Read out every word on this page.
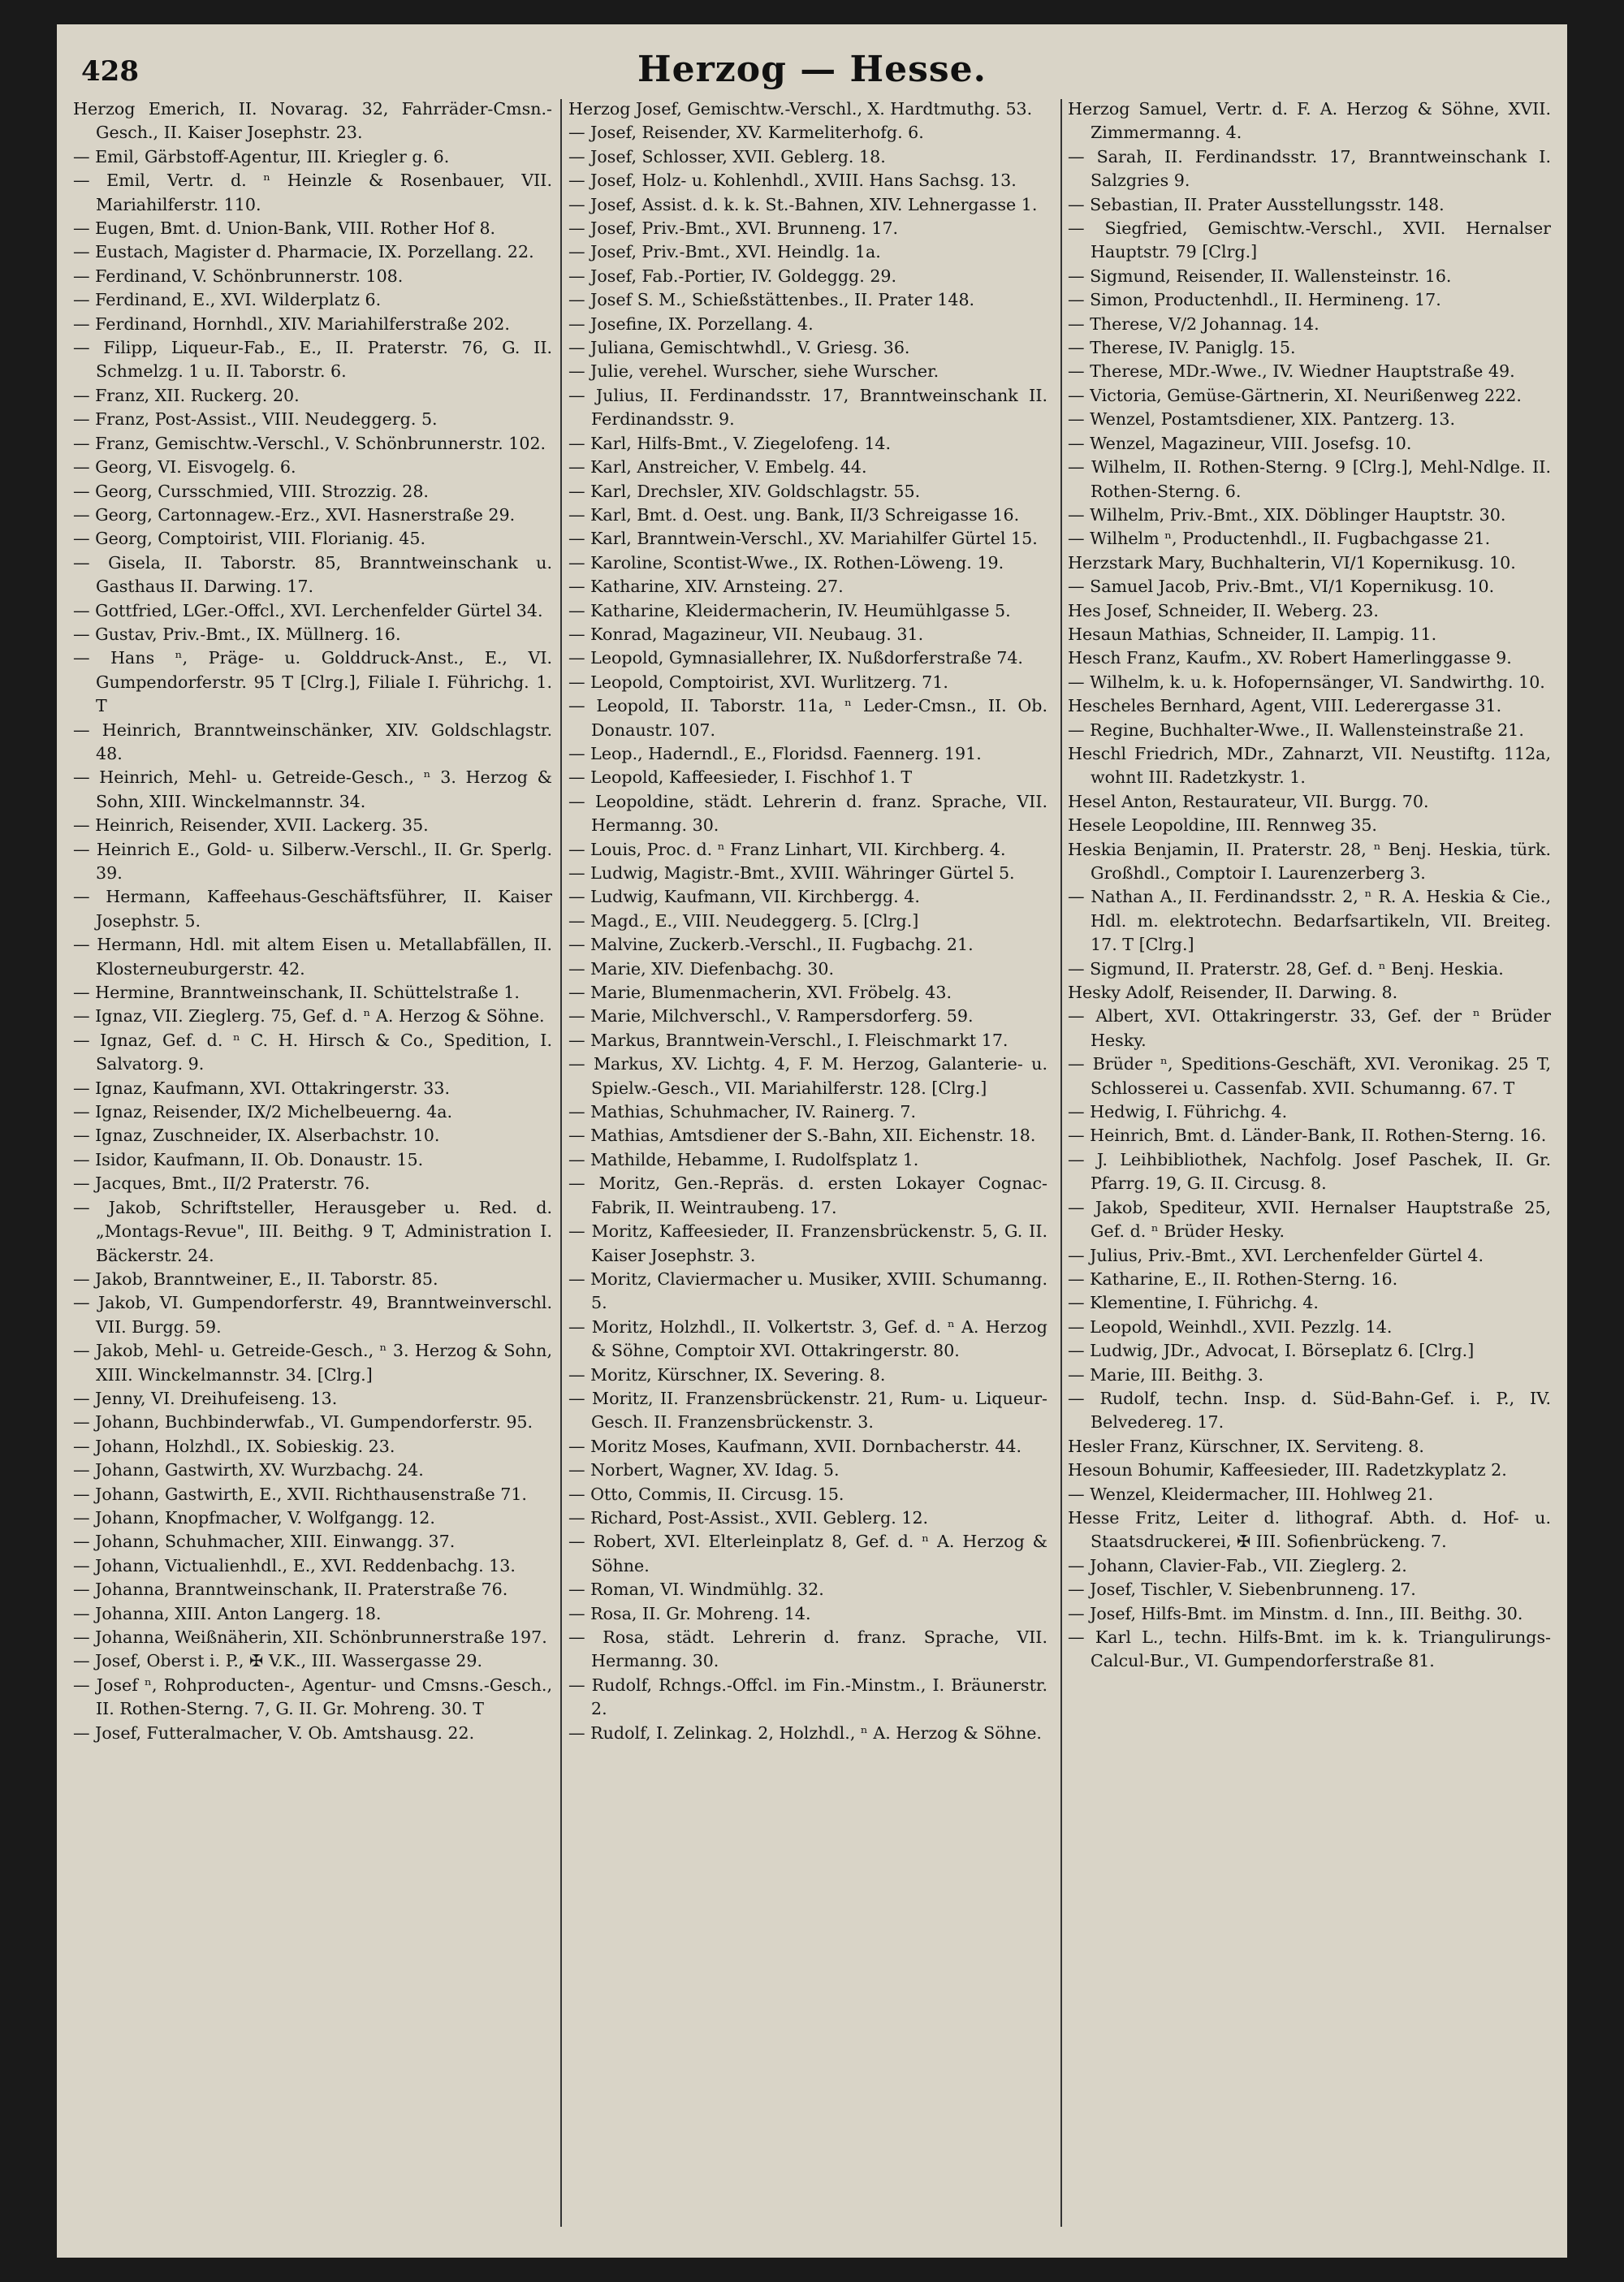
428	Herzog — Hesse.

Herzog Emerich, II. Novarag. 32, Fahrräder-Cmsn.-Gesch., II. Kaiser Josephstr. 23.

— Emil, Gärbstoff-Agentur, III. Kriegler g. 6.

— Emil, Vertr. d. ⁿ Heinzle & Rosenbauer, VII. Mariahilferstr. 110.

— Eugen, Bmt. d. Union-Bank, VIII. Rother Hof 8.

— Eustach, Magister d. Pharmacie, IX. Porzellang. 22.

— Ferdinand, V. Schönbrunnerstr. 108.

— Ferdinand, E., XVI. Wilderplatz 6.

— Ferdinand, Hornhdl., XIV. Mariahilferstraße 202.

— Filipp, Liqueur-Fab., E., II. Praterstr. 76, G. II. Schmelzg. 1 u. II. Taborstr. 6.

— Franz, XII. Ruckerg. 20.

— Franz, Post-Assist., VIII. Neudeggerg. 5.

— Franz, Gemischtw.-Verschl., V. Schönbrunnerstr. 102.

— Georg, VI. Eisvogelg. 6.

— Georg, Cursschmied, VIII. Strozzig. 28.

— Georg, Cartonnagew.-Erz., XVI. Hasnerstraße 29.

— Georg, Comptoirist, VIII. Florianig. 45.

— Gisela, II. Taborstr. 85, Branntweinschank u. Gasthaus II. Darwing. 17.

— Gottfried, LGer.-Offcl., XVI. Lerchenfelder Gürtel 34.

— Gustav, Priv.-Bmt., IX. Müllnerg. 16.

— Hans ⁿ, Präge- u. Golddruck-Anst., E., VI. Gumpendorferstr. 95 T [Clrg.], Filiale I. Führichg. 1. T

— Heinrich, Branntweinschänker, XIV. Goldschlagstr. 48.

— Heinrich, Mehl- u. Getreide-Gesch., ⁿ 3. Herzog & Sohn, XIII. Winckelmannstr. 34.

— Heinrich, Reisender, XVII. Lackerg. 35.

— Heinrich E., Gold- u. Silberw.-Verschl., II. Gr. Sperlg. 39.

— Hermann, Kaffeehaus-Geschäftsführer, II. Kaiser Josephstr. 5.

— Hermann, Hdl. mit altem Eisen u. Metallabfällen, II. Klosterneuburgerstr. 42.

— Hermine, Branntweinschank, II. Schüttelstraße 1.

— Ignaz, VII. Zieglerg. 75, Gef. d. ⁿ A. Herzog & Söhne.

— Ignaz, Gef. d. ⁿ C. H. Hirsch & Co., Spedition, I. Salvatorg. 9.

— Ignaz, Kaufmann, XVI. Ottakringerstr. 33.

— Ignaz, Reisender, IX/2 Michelbeuerng. 4a.

— Ignaz, Zuschneider, IX. Alserbachstr. 10.

— Isidor, Kaufmann, II. Ob. Donaustr. 15.

— Jacques, Bmt., II/2 Praterstr. 76.

— Jakob, Schriftsteller, Herausgeber u. Red. d. „Montags-Revue", III. Beithg. 9 T, Administration I. Bäckerstr. 24.

— Jakob, Branntweiner, E., II. Taborstr. 85.

— Jakob, VI. Gumpendorferstr. 49, Branntweinverschl. VII. Burgg. 59.

— Jakob, Mehl- u. Getreide-Gesch., ⁿ 3. Herzog & Sohn, XIII. Winckelmannstr. 34. [Clrg.]

— Jenny, VI. Dreihufeiseng. 13.

— Johann, Buchbinderwfab., VI. Gumpendorferstr. 95.

— Johann, Holzhdl., IX. Sobieskig. 23.

— Johann, Gastwirth, XV. Wurzbachg. 24.

— Johann, Gastwirth, E., XVII. Richthausenstraße 71.

— Johann, Knopfmacher, V. Wolfgangg. 12.

— Johann, Schuhmacher, XIII. Einwangg. 37.

— Johann, Victualienhdl., E., XVI. Reddenbachg. 13.

— Johanna, Branntweinschank, II. Praterstraße 76.

— Johanna, XIII. Anton Langerg. 18.

— Johanna, Weißnäherin, XII. Schönbrunnerstraße 197.

— Josef, Oberst i. P., ✠ V.K., III. Wassergasse 29.

— Josef ⁿ, Rohproducten-, Agentur- und Cmsns.-Gesch., II. Rothen-Sterng. 7, G. II. Gr. Mohreng. 30. T

— Josef, Futteralmacher, V. Ob. Amtshausg. 22.

Herzog Josef, Gemischtw.-Verschl., X. Hardtmuthg. 53.

— Josef, Reisender, XV. Karmeliterhofg. 6.

— Josef, Schlosser, XVII. Geblerg. 18.

— Josef, Holz- u. Kohlenhdl., XVIII. Hans Sachsg. 13.

— Josef, Assist. d. k. k. St.-Bahnen, XIV. Lehnergasse 1.

— Josef, Priv.-Bmt., XVI. Brunneng. 17.

— Josef, Priv.-Bmt., XVI. Heindlg. 1a.

— Josef, Fab.-Portier, IV. Goldeggg. 29.

— Josef S. M., Schießstättenbes., II. Prater 148.

— Josefine, IX. Porzellang. 4.

— Juliana, Gemischtwhdl., V. Griesg. 36.

— Julie, verehel. Wurscher, siehe Wurscher.

— Julius, II. Ferdinandsstr. 17, Branntweinschank II. Ferdinandsstr. 9.

— Karl, Hilfs-Bmt., V. Ziegelofeng. 14.

— Karl, Anstreicher, V. Embelg. 44.

— Karl, Drechsler, XIV. Goldschlagstr. 55.

— Karl, Bmt. d. Oest. ung. Bank, II/3 Schreigasse 16.

— Karl, Branntwein-Verschl., XV. Mariahilfer Gürtel 15.

— Karoline, Scontist-Wwe., IX. Rothen-Löweng. 19.

— Katharine, XIV. Arnsteing. 27.

— Katharine, Kleidermacherin, IV. Heumühlgasse 5.

— Konrad, Magazineur, VII. Neubaug. 31.

— Leopold, Gymnasiallehrer, IX. Nußdorferstraße 74.

— Leopold, Comptoirist, XVI. Wurlitzerg. 71.

— Leopold, II. Taborstr. 11a, ⁿ Leder-Cmsn., II. Ob. Donaustr. 107.

— Leop., Haderndl., E., Floridsd. Faennerg. 191.

— Leopold, Kaffeesieder, I. Fischhof 1. T

— Leopoldine, städt. Lehrerin d. franz. Sprache, VII. Hermanng. 30.

— Louis, Proc. d. ⁿ Franz Linhart, VII. Kirchberg. 4.

— Ludwig, Magistr.-Bmt., XVIII. Währinger Gürtel 5.

— Ludwig, Kaufmann, VII. Kirchbergg. 4.

— Magd., E., VIII. Neudeggerg. 5. [Clrg.]

— Malvine, Zuckerb.-Verschl., II. Fugbachg. 21.

— Marie, XIV. Diefenbachg. 30.

— Marie, Blumenmacherin, XVI. Fröbelg. 43.

— Marie, Milchverschl., V. Rampersdorferg. 59.

— Markus, Branntwein-Verschl., I. Fleischmarkt 17.

— Markus, XV. Lichtg. 4, F. M. Herzog, Galanterie- u. Spielw.-Gesch., VII. Mariahilferstr. 128. [Clrg.]

— Mathias, Schuhmacher, IV. Rainerg. 7.

— Mathias, Amtsdiener der S.-Bahn, XII. Eichenstr. 18.

— Mathilde, Hebamme, I. Rudolfsplatz 1.

— Moritz, Gen.-Repräs. d. ersten Lokayer Cognac-Fabrik, II. Weintraubeng. 17.

— Moritz, Kaffeesieder, II. Franzensbrückenstr. 5, G. II. Kaiser Josephstr. 3.

— Moritz, Claviermacher u. Musiker, XVIII. Schumanng. 5.

— Moritz, Holzhdl., II. Volkertstr. 3, Gef. d. ⁿ A. Herzog & Söhne, Comptoir XVI. Ottakringerstr. 80.

— Moritz, Kürschner, IX. Severing. 8.

— Moritz, II. Franzensbrückenstr. 21, Rum- u. Liqueur-Gesch. II. Franzensbrückenstr. 3.

— Moritz Moses, Kaufmann, XVII. Dornbacherstr. 44.

— Norbert, Wagner, XV. Idag. 5.

— Otto, Commis, II. Circusg. 15.

— Richard, Post-Assist., XVII. Geblerg. 12.

— Robert, XVI. Elterleinplatz 8, Gef. d. ⁿ A. Herzog & Söhne.

— Roman, VI. Windmühlg. 32.

— Rosa, II. Gr. Mohreng. 14.

— Rosa, städt. Lehrerin d. franz. Sprache, VII. Hermanng. 30.

— Rudolf, Rchngs.-Offcl. im Fin.-Minstm., I. Bräunerstr. 2.

— Rudolf, I. Zelinkag. 2, Holzhdl., ⁿ A. Herzog & Söhne.

Herzog Samuel, Vertr. d. F. A. Herzog & Söhne, XVII. Zimmermanng. 4.

— Sarah, II. Ferdinandsstr. 17, Branntweinschank I. Salzgries 9.

— Sebastian, II. Prater Ausstellungsstr. 148.

— Siegfried, Gemischtw.-Verschl., XVII. Hernalser Hauptstr. 79 [Clrg.]

— Sigmund, Reisender, II. Wallensteinstr. 16.

— Simon, Productenhdl., II. Hermineng. 17.

— Therese, V/2 Johannag. 14.

— Therese, IV. Paniglg. 15.

— Therese, MDr.-Wwe., IV. Wiedner Hauptstraße 49.

— Victoria, Gemüse-Gärtnerin, XI. Neurißenweg 222.

— Wenzel, Postamtsdiener, XIX. Pantzerg. 13.

— Wenzel, Magazineur, VIII. Josefsg. 10.

— Wilhelm, II. Rothen-Sterng. 9 [Clrg.], Mehl-Ndlge. II. Rothen-Sterng. 6.

— Wilhelm, Priv.-Bmt., XIX. Döblinger Hauptstr. 30.

— Wilhelm ⁿ, Productenhdl., II. Fugbachgasse 21.

Herzstark Mary, Buchhalterin, VI/1 Kopernikusg. 10.

— Samuel Jacob, Priv.-Bmt., VI/1 Kopernikusg. 10.

Hes Josef, Schneider, II. Weberg. 23.

Hesaun Mathias, Schneider, II. Lampig. 11.

Hesch Franz, Kaufm., XV. Robert Hamerlinggasse 9.

— Wilhelm, k. u. k. Hofopernsänger, VI. Sandwirthg. 10.

Hescheles Bernhard, Agent, VIII. Lederergasse 31.

— Regine, Buchhalter-Wwe., II. Wallensteinstraße 21.

Heschl Friedrich, MDr., Zahnarzt, VII. Neustiftg. 112a, wohnt III. Radetzkystr. 1.

Hesel Anton, Restaurateur, VII. Burgg. 70.

Hesele Leopoldine, III. Rennweg 35.

Heskia Benjamin, II. Praterstr. 28, ⁿ Benj. Heskia, türk. Großhdl., Comptoir I. Laurenzerberg 3.

— Nathan A., II. Ferdinandsstr. 2, ⁿ R. A. Heskia & Cie., Hdl. m. elektrotechn. Bedarfsartikeln, VII. Breiteg. 17. T [Clrg.]

— Sigmund, II. Praterstr. 28, Gef. d. ⁿ Benj. Heskia.

Hesky Adolf, Reisender, II. Darwing. 8.

— Albert, XVI. Ottakringerstr. 33, Gef. der ⁿ Brüder Hesky.

— Brüder ⁿ, Speditions-Geschäft, XVI. Veronikag. 25 T, Schlosserei u. Cassenfab. XVII. Schumanng. 67. T

— Hedwig, I. Führichg. 4.

— Heinrich, Bmt. d. Länder-Bank, II. Rothen-Sterng. 16.

— J. Leihbibliothek, Nachfolg. Josef Paschek, II. Gr. Pfarrg. 19, G. II. Circusg. 8.

— Jakob, Spediteur, XVII. Hernalser Hauptstraße 25, Gef. d. ⁿ Brüder Hesky.

— Julius, Priv.-Bmt., XVI. Lerchenfelder Gürtel 4.

— Katharine, E., II. Rothen-Sterng. 16.

— Klementine, I. Führichg. 4.

— Leopold, Weinhdl., XVII. Pezzlg. 14.

— Ludwig, JDr., Advocat, I. Börseplatz 6. [Clrg.]

— Marie, III. Beithg. 3.

— Rudolf, techn. Insp. d. Süd-Bahn-Gef. i. P., IV. Belvedereg. 17.

Hesler Franz, Kürschner, IX. Serviteng. 8.

Hesoun Bohumir, Kaffeesieder, III. Radetzkyplatz 2.

— Wenzel, Kleidermacher, III. Hohlweg 21.

Hesse Fritz, Leiter d. lithograf. Abth. d. Hof- u. Staatsdruckerei, ✠ III. Sofienbrückeng. 7.

— Johann, Clavier-Fab., VII. Zieglerg. 2.

— Josef, Tischler, V. Siebenbrunneng. 17.

— Josef, Hilfs-Bmt. im Minstm. d. Inn., III. Beithg. 30.

— Karl L., techn. Hilfs-Bmt. im k. k. Triangulirungs-Calcul-Bur., VI. Gumpendorferstraße 81.
